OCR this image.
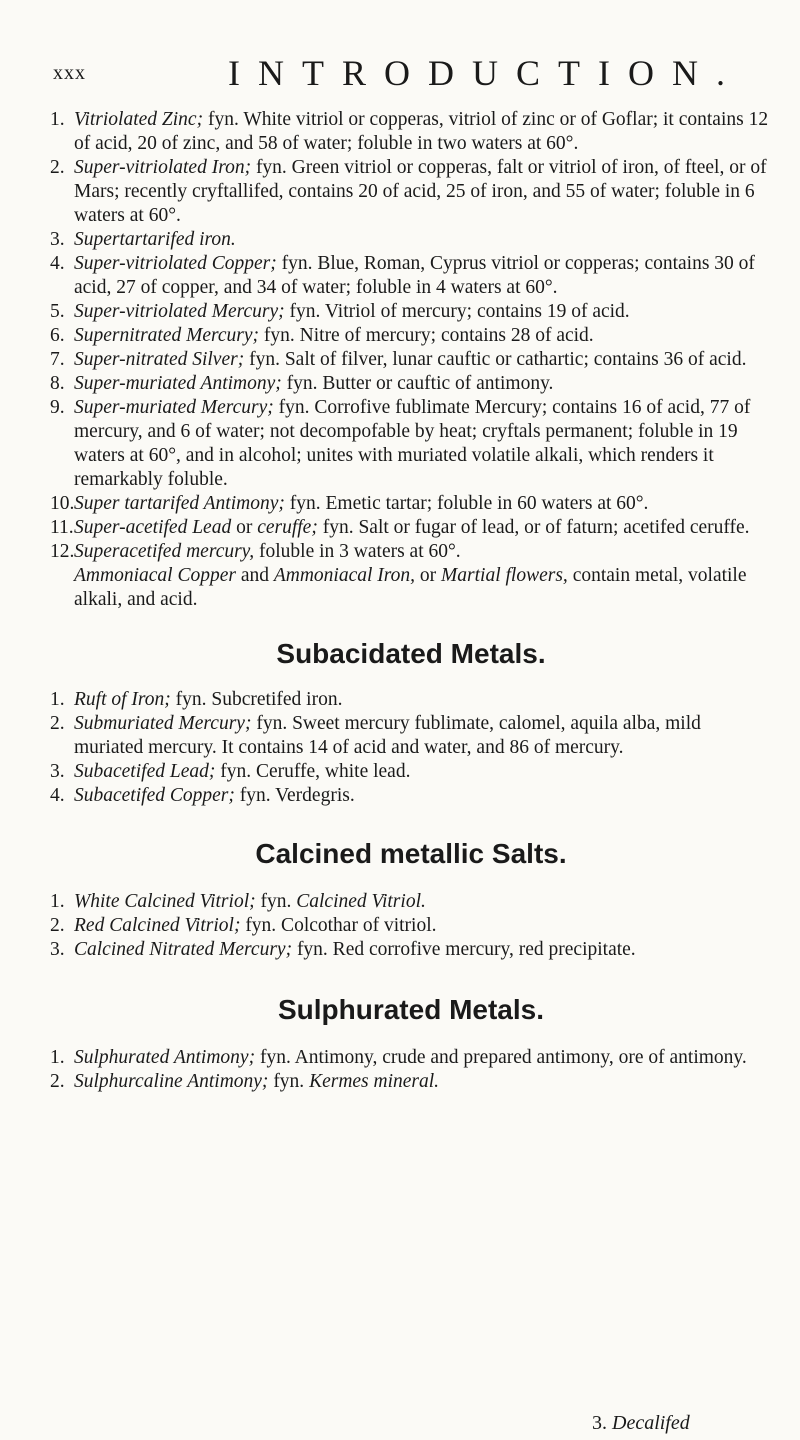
xxx	INTRODUCTION.
1. Vitriolated Zinc; fyn. White vitriol or copperas, vitriol of zinc or of Goflar; it contains 12 of acid, 20 of zinc, and 58 of water; foluble in two waters at 60°.
2. Super-vitriolated Iron; fyn. Green vitriol or copperas, falt or vitriol of iron, of fteel, or of Mars; recently cryftallifed, contains 20 of acid, 25 of iron, and 55 of water; foluble in 6 waters at 60°.
3. Supertartarifed iron.
4. Super-vitriolated Copper; fyn. Blue, Roman, Cyprus vitriol or copperas; contains 30 of acid, 27 of copper, and 34 of water; foluble in 4 waters at 60°.
5. Super-vitriolated Mercury; fyn. Vitriol of mercury; contains 19 of acid.
6. Supernitrated Mercury; fyn. Nitre of mercury; contains 28 of acid.
7. Super-nitrated Silver; fyn. Salt of filver, lunar cauftic or cathartic; contains 36 of acid.
8. Super-muriated Antimony; fyn. Butter or cauftic of antimony.
9. Super-muriated Mercury; fyn. Corrofive fublimate Mercury; contains 16 of acid, 77 of mercury, and 6 of water; not decompofable by heat; cryftals permanent; foluble in 19 waters at 60°, and in alcohol; unites with muriated volatile alkali, which renders it remarkably foluble.
10. Super tartarifed Antimony; fyn. Emetic tartar; foluble in 60 waters at 60°.
11. Super-acetifed Lead or ceruffe; fyn. Salt or fugar of lead, or of faturn; acetifed ceruffe.
12. Superacetifed mercury, foluble in 3 waters at 60°.
Ammoniacal Copper and Ammoniacal Iron, or Martial flowers, contain metal, volatile alkali, and acid.
Subacidated Metals.
1. Ruft of Iron; fyn. Subcretifed iron.
2. Submuriated Mercury; fyn. Sweet mercury fublimate, calomel, aquila alba, mild muriated mercury. It contains 14 of acid and water, and 86 of mercury.
3. Subacetifed Lead; fyn. Ceruffe, white lead.
4. Subacetifed Copper; fyn. Verdegris.
Calcined metallic Salts.
1. White Calcined Vitriol; fyn. Calcined Vitriol.
2. Red Calcined Vitriol; fyn. Colcothar of vitriol.
3. Calcined Nitrated Mercury; fyn. Red corrofive mercury, red precipitate.
Sulphurated Metals.
1. Sulphurated Antimony; fyn. Antimony, crude and prepared antimony, ore of antimony.
2. Sulphurcaline Antimony; fyn. Kermes mineral.
3. Decalifed
